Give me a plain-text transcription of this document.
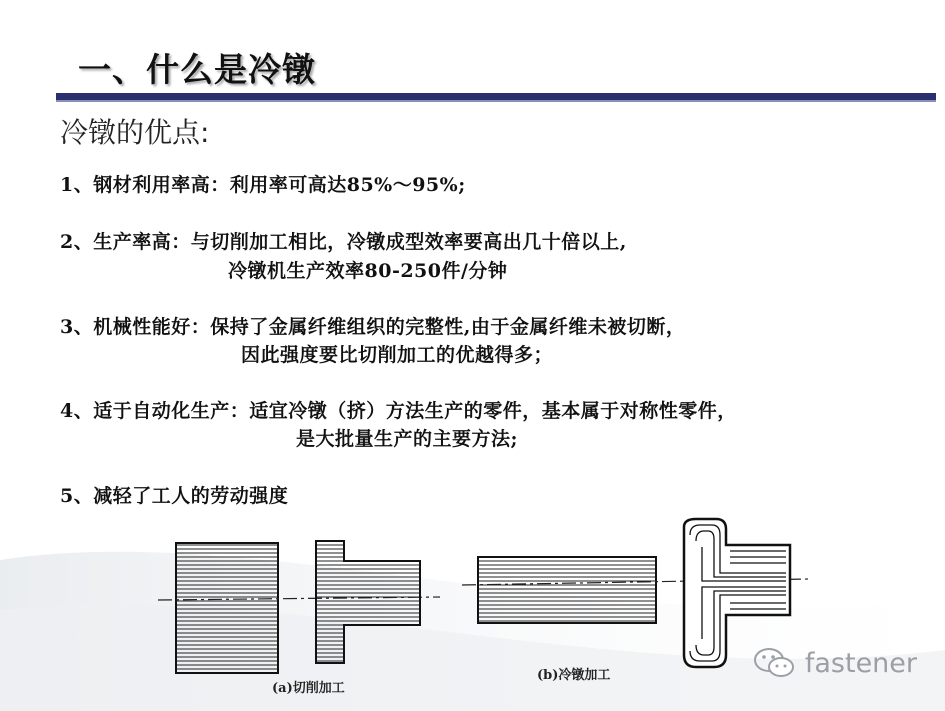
一、什么是冷镦
冷镦的优点:
1、钢材利用率高：利用率可高达85%～95%;
2、生产率高：与切削加工相比，冷镦成型效率要高出几十倍以上,
冷镦机生产效率80-250件/分钟
3、机械性能好：保持了金属纤维组织的完整性,由于金属纤维未被切断，
因此强度要比切削加工的优越得多；
4、适于自动化生产：适宜冷镦（挤）方法生产的零件，基本属于对称性零件，
是大批量生产的主要方法;
5、减轻了工人的劳动强度
(a)切削加工
(b)冷镦加工	fastener
